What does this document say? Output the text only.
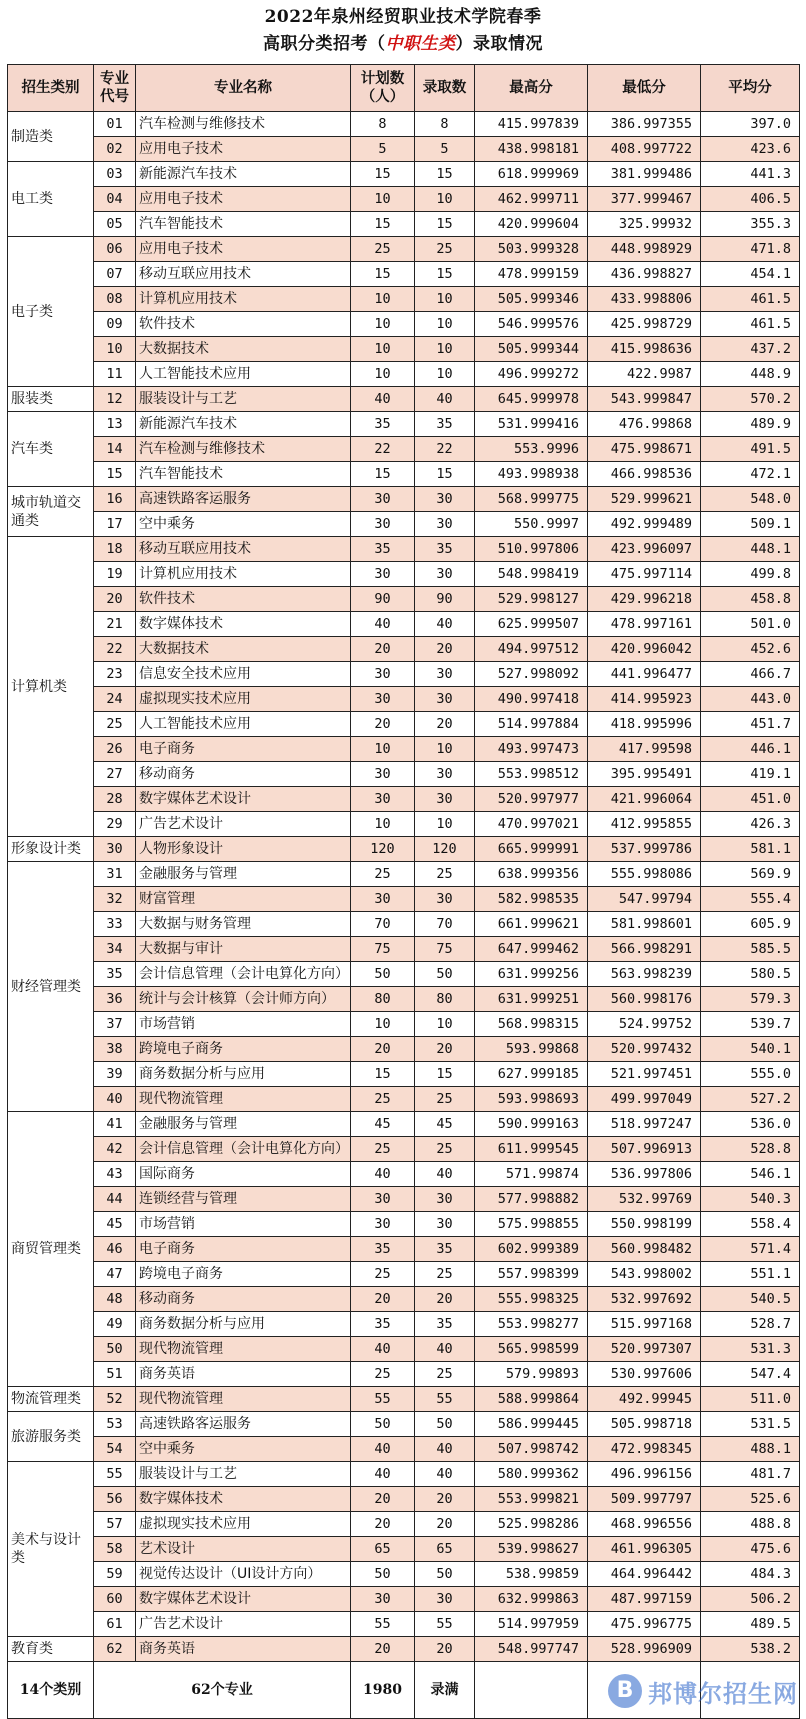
2022年泉州经贸职业技术学院春季
高职分类招考（中职生类）录取情况
招生类别	专业代号	专业名称	计划数（人）	录取数	最高分	最低分	平均分
制造类	01	汽车检测与维修技术	8	8	415.997839	386.997355	397.0
	02	应用电子技术	5	5	438.998181	408.997722	423.6
电工类	03	新能源汽车技术	15	15	618.999969	381.999486	441.3
	04	应用电子技术	10	10	462.999711	377.999467	406.5
	05	汽车智能技术	15	15	420.999604	325.99932	355.3
电子类	06	应用电子技术	25	25	503.999328	448.998929	471.8
	07	移动互联应用技术	15	15	478.999159	436.998827	454.1
	08	计算机应用技术	10	10	505.999346	433.998806	461.5
	09	软件技术	10	10	546.999576	425.998729	461.5
	10	大数据技术	10	10	505.999344	415.998636	437.2
	11	人工智能技术应用	10	10	496.999272	422.9987	448.9
服装类	12	服装设计与工艺	40	40	645.999978	543.999847	570.2
汽车类	13	新能源汽车技术	35	35	531.999416	476.99868	489.9
	14	汽车检测与维修技术	22	22	553.9996	475.998671	491.5
	15	汽车智能技术	15	15	493.998938	466.998536	472.1
城市轨道交通类	16	高速铁路客运服务	30	30	568.999775	529.999621	548.0
	17	空中乘务	30	30	550.9997	492.999489	509.1
计算机类	18	移动互联应用技术	35	35	510.997806	423.996097	448.1
	19	计算机应用技术	30	30	548.998419	475.997114	499.8
	20	软件技术	90	90	529.998127	429.996218	458.8
	21	数字媒体技术	40	40	625.999507	478.997161	501.0
	22	大数据技术	20	20	494.997512	420.996042	452.6
	23	信息安全技术应用	30	30	527.998092	441.996477	466.7
	24	虚拟现实技术应用	30	30	490.997418	414.995923	443.0
	25	人工智能技术应用	20	20	514.997884	418.995996	451.7
	26	电子商务	10	10	493.997473	417.99598	446.1
	27	移动商务	30	30	553.998512	395.995491	419.1
	28	数字媒体艺术设计	30	30	520.997977	421.996064	451.0
	29	广告艺术设计	10	10	470.997021	412.995855	426.3
形象设计类	30	人物形象设计	120	120	665.999991	537.999786	581.1
财经管理类	31	金融服务与管理	25	25	638.999356	555.998086	569.9
	32	财富管理	30	30	582.998535	547.99794	555.4
	33	大数据与财务管理	70	70	661.999621	581.998601	605.9
	34	大数据与审计	75	75	647.999462	566.998291	585.5
	35	会计信息管理（会计电算化方向）	50	50	631.999256	563.998239	580.5
	36	统计与会计核算（会计师方向）	80	80	631.999251	560.998176	579.3
	37	市场营销	10	10	568.998315	524.99752	539.7
	38	跨境电子商务	20	20	593.99868	520.997432	540.1
	39	商务数据分析与应用	15	15	627.999185	521.997451	555.0
	40	现代物流管理	25	25	593.998693	499.997049	527.2
商贸管理类	41	金融服务与管理	45	45	590.999163	518.997247	536.0
	42	会计信息管理（会计电算化方向）	25	25	611.999545	507.996913	528.8
	43	国际商务	40	40	571.99874	536.997806	546.1
	44	连锁经营与管理	30	30	577.998882	532.99769	540.3
	45	市场营销	30	30	575.998855	550.998199	558.4
	46	电子商务	35	35	602.999389	560.998482	571.4
	47	跨境电子商务	25	25	557.998399	543.998002	551.1
	48	移动商务	20	20	555.998325	532.997692	540.5
	49	商务数据分析与应用	35	35	553.998277	515.997168	528.7
	50	现代物流管理	40	40	565.998599	520.997307	531.3
	51	商务英语	25	25	579.99893	530.997606	547.4
物流管理类	52	现代物流管理	55	55	588.999864	492.99945	511.0
旅游服务类	53	高速铁路客运服务	50	50	586.999445	505.998718	531.5
	54	空中乘务	40	40	507.998742	472.998345	488.1
美术与设计类	55	服装设计与工艺	40	40	580.999362	496.996156	481.7
	56	数字媒体技术	20	20	553.999821	509.997797	525.6
	57	虚拟现实技术应用	20	20	525.998286	468.996556	488.8
	58	艺术设计	65	65	539.998627	461.996305	475.6
	59	视觉传达设计（UI设计方向）	50	50	538.99859	464.996442	484.3
	60	数字媒体艺术设计	30	30	632.999863	487.997159	506.2
	61	广告艺术设计	55	55	514.997959	475.996775	489.5
教育类	62	商务英语	20	20	548.997747	528.996909	538.2
14个类别	62个专业		1980	录满				B 邦博尔招生网
